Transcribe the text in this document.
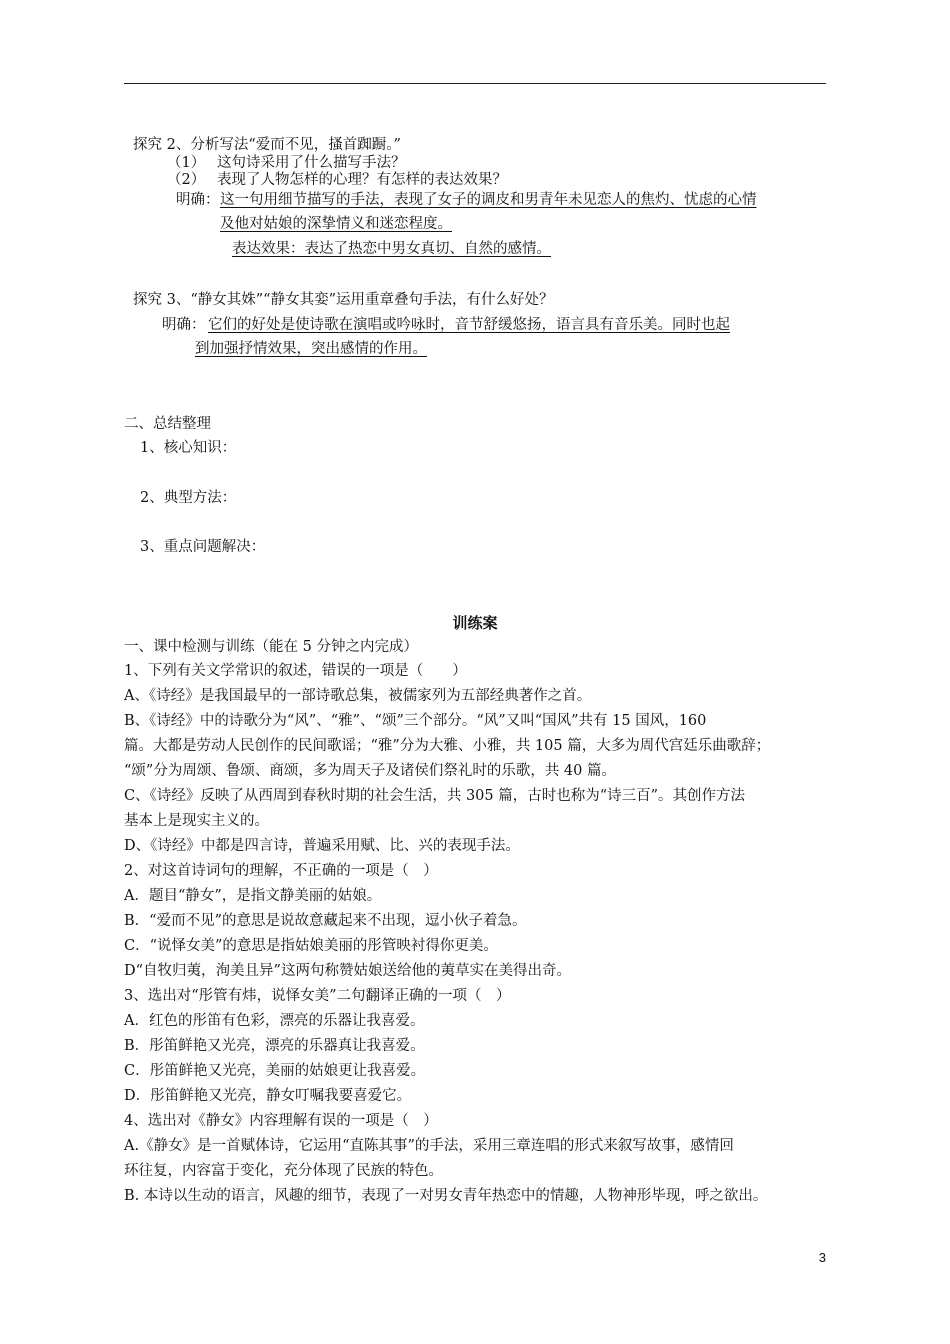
探究 2、分析写法“爱而不见，搔首踟蹰。”
（1） 这句诗采用了什么描写手法？
（2） 表现了人物怎样的心理？有怎样的表达效果？
明确： 这一句用细节描写的手法，表现了女子的调皮和男青年未见恋人的焦灼、忧虑的心情
及他对姑娘的深挚情义和迷恋程度。
表达效果：表达了热恋中男女真切、自然的感情。
探究 3、“静女其姝”“静女其娈”运用重章叠句手法，有什么好处？
明确： 它们的好处是使诗歌在演唱或吟咏时，音节舒缓悠扬，语言具有音乐美。同时也起
到加强抒情效果，突出感情的作用。
二、总结整理
1、核心知识：
2、典型方法：
3、重点问题解决：
训练案
一、课中检测与训练（能在 5 分钟之内完成）
1、下列有关文学常识的叙述，错误的一项是（　　）
A、《诗经》是我国最早的一部诗歌总集，被儒家列为五部经典著作之首。
B、《诗经》中的诗歌分为“风”、“雅”、“颂”三个部分。“风”又叫“国风”共有 15 国风，160
篇。大都是劳动人民创作的民间歌谣；“雅”分为大雅、小雅，共 105 篇，大多为周代宫廷乐曲歌辞；
“颂”分为周颂、鲁颂、商颂，多为周天子及诸侯们祭礼时的乐歌，共 40 篇。
C、《诗经》反映了从西周到春秋时期的社会生活，共 305 篇，古时也称为“诗三百”。其创作方法
基本上是现实主义的。
D、《诗经》中都是四言诗，普遍采用赋、比、兴的表现手法。
2、对这首诗词句的理解，不正确的一项是（　）
A．题目“静女”，是指文静美丽的姑娘。
B．“爱而不见”的意思是说故意藏起来不出现，逗小伙子着急。
C．“说怿女美”的意思是指姑娘美丽的彤管映衬得你更美。
D“自牧归荑，洵美且异”这两句称赞姑娘送给他的荑草实在美得出奇。
3、选出对“彤管有炜，说怿女美”二句翻译正确的一项（　）
A．红色的彤笛有色彩，漂亮的乐器让我喜爱。
B．彤笛鲜艳又光亮，漂亮的乐器真让我喜爱。
C．彤笛鲜艳又光亮，美丽的姑娘更让我喜爱。
D．彤笛鲜艳又光亮，静女叮嘱我要喜爱它。
4、选出对《静女》内容理解有误的一项是（　）
A.《静女》是一首赋体诗，它运用“直陈其事”的手法，采用三章连唱的形式来叙写故事，感情回
环往复，内容富于变化，充分体现了民族的特色。
B. 本诗以生动的语言，风趣的细节，表现了一对男女青年热恋中的情趣，人物神形毕现，呼之欲出。
3
